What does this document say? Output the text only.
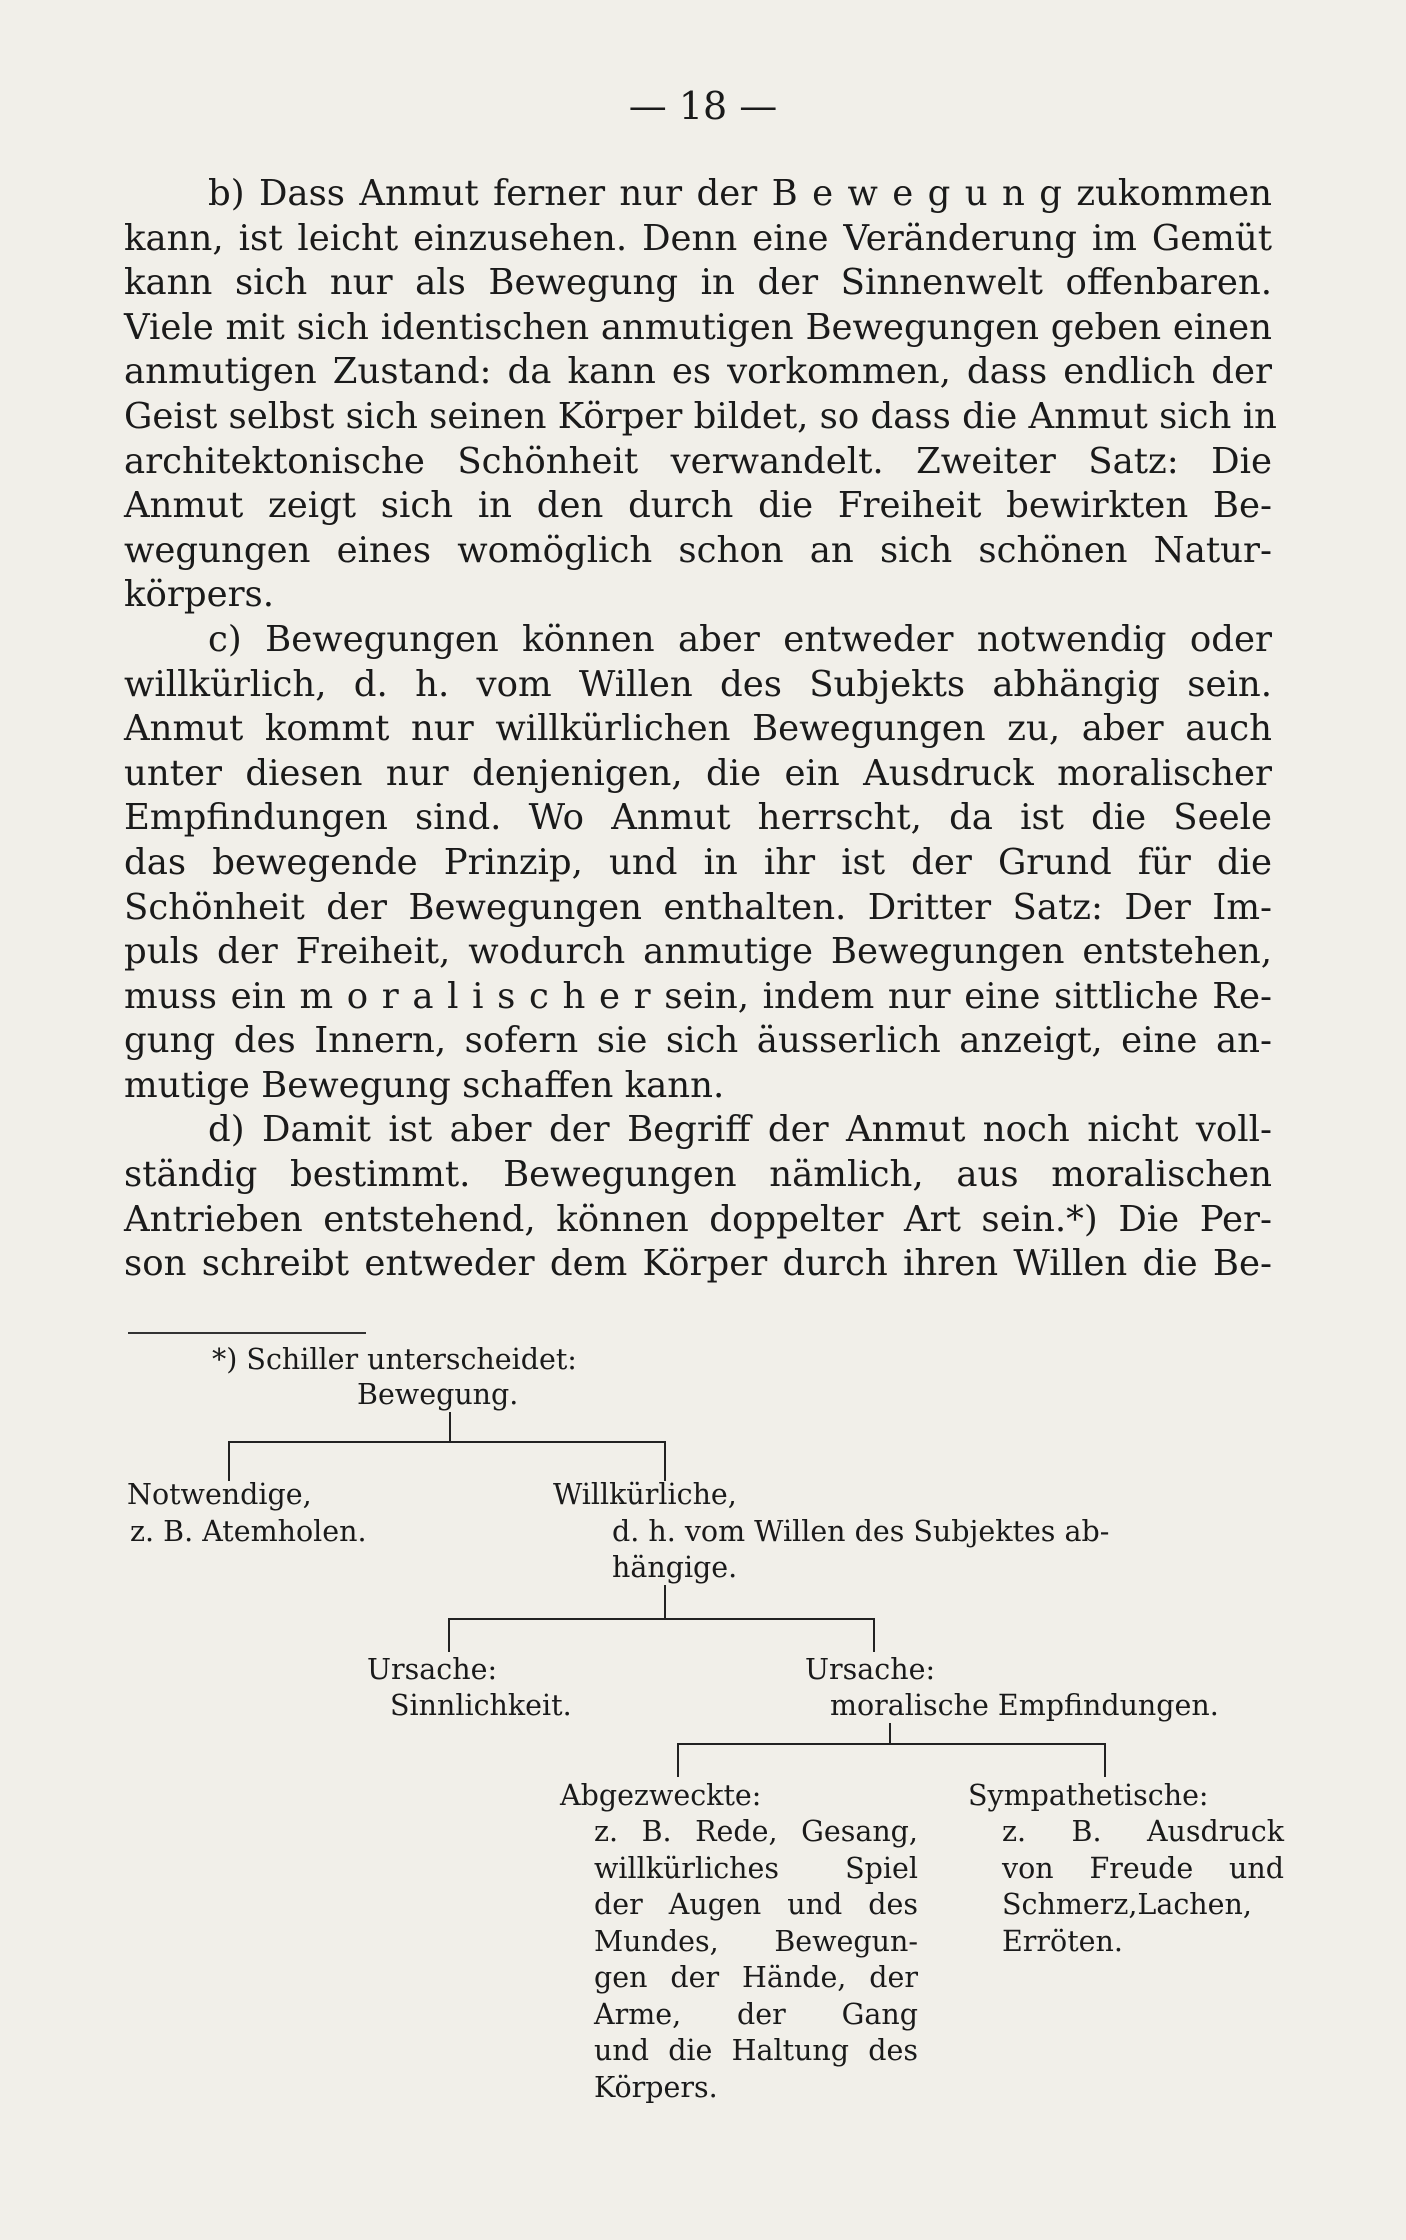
— 18 —
b) Dass Anmut ferner nur der B e w e g u n g zukommen
kann, ist leicht einzusehen. Denn eine Veränderung im Gemüt
kann sich nur als Bewegung in der Sinnenwelt offenbaren.
Viele mit sich identischen anmutigen Bewegungen geben einen
anmutigen Zustand: da kann es vorkommen, dass endlich der
Geist selbst sich seinen Körper bildet, so dass die Anmut sich in
architektonische Schönheit verwandelt. Zweiter Satz: Die
Anmut zeigt sich in den durch die Freiheit bewirkten Be-
wegungen eines womöglich schon an sich schönen Natur-
körpers.
c) Bewegungen können aber entweder notwendig oder
willkürlich, d. h. vom Willen des Subjekts abhängig sein.
Anmut kommt nur willkürlichen Bewegungen zu, aber auch
unter diesen nur denjenigen, die ein Ausdruck moralischer
Empfindungen sind. Wo Anmut herrscht, da ist die Seele
das bewegende Prinzip, und in ihr ist der Grund für die
Schönheit der Bewegungen enthalten. Dritter Satz: Der Im-
puls der Freiheit, wodurch anmutige Bewegungen entstehen,
muss ein m o r a l i s c h e r sein, indem nur eine sittliche Re-
gung des Innern, sofern sie sich äusserlich anzeigt, eine an-
mutige Bewegung schaffen kann.
d) Damit ist aber der Begriff der Anmut noch nicht voll-
ständig bestimmt. Bewegungen nämlich, aus moralischen
Antrieben entstehend, können doppelter Art sein.*) Die Per-
son schreibt entweder dem Körper durch ihren Willen die Be-
*) Schiller unterscheidet:
Bewegung.
Notwendige,
z. B. Atemholen.
Willkürliche,
d. h. vom Willen des Subjektes ab-
hängige.
Ursache:
Sinnlichkeit.
Ursache:
moralische Empfindungen.
Abgezweckte:
z. B. Rede, Gesang,
willkürliches Spiel
der Augen und des
Mundes, Bewegun-
gen der Hände, der
Arme, der Gang
und die Haltung des
Körpers.
Sympathetische:
z. B. Ausdruck
von Freude und
Schmerz,Lachen,
Erröten.
